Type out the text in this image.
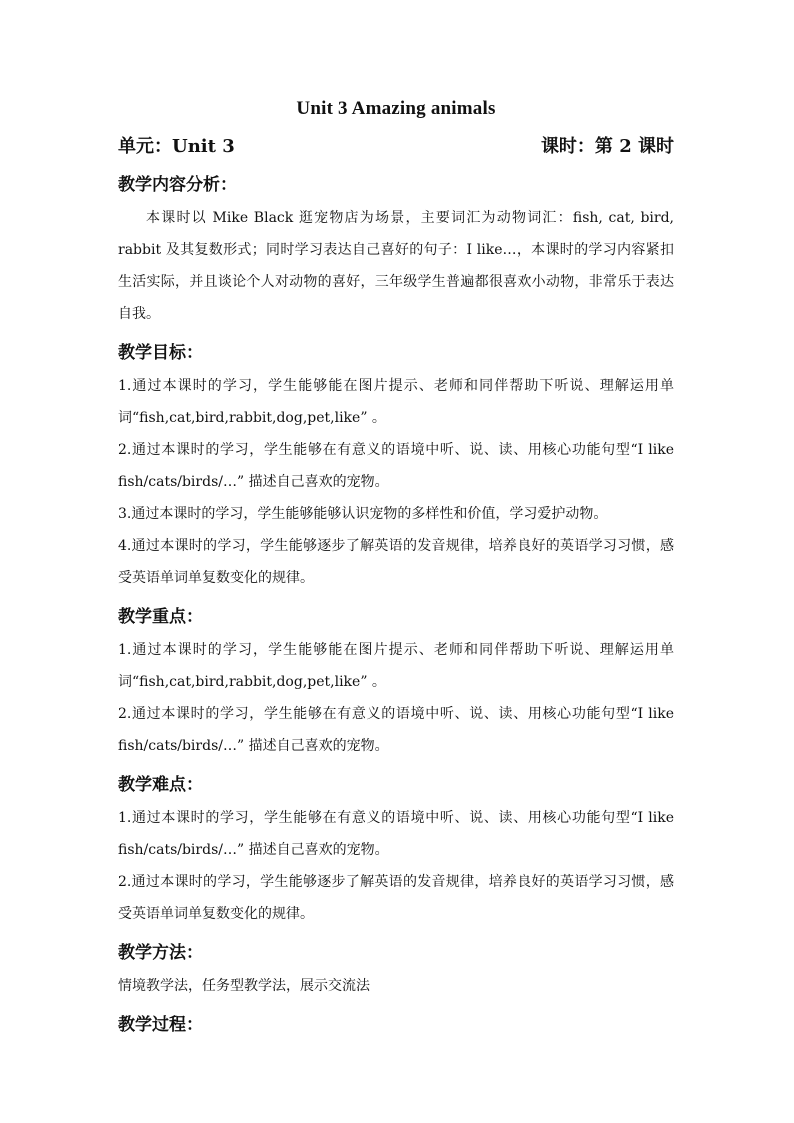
Unit 3 Amazing animals
单元：Unit 3	课时：第 2 课时

教学内容分析：

本课时以 Mike Black 逛宠物店为场景，主要词汇为动物词汇：fish, cat, bird, rabbit 及其复数形式；同时学习表达自己喜好的句子：I like…，本课时的学习内容紧扣生活实际，并且谈论个人对动物的喜好，三年级学生普遍都很喜欢小动物，非常乐于表达自我。

教学目标：

1.通过本课时的学习，学生能够能在图片提示、老师和同伴帮助下听说、理解运用单词“fish,cat,bird,rabbit,dog,pet,like” 。

2.通过本课时的学习，学生能够在有意义的语境中听、说、读、用核心功能句型“I like fish/cats/birds/…” 描述自己喜欢的宠物。

3.通过本课时的学习，学生能够能够认识宠物的多样性和价值，学习爱护动物。

4.通过本课时的学习，学生能够逐步了解英语的发音规律，培养良好的英语学习习惯，感受英语单词单复数变化的规律。

教学重点：

1.通过本课时的学习，学生能够能在图片提示、老师和同伴帮助下听说、理解运用单词“fish,cat,bird,rabbit,dog,pet,like” 。

2.通过本课时的学习，学生能够在有意义的语境中听、说、读、用核心功能句型“I like fish/cats/birds/…” 描述自己喜欢的宠物。

教学难点：

1.通过本课时的学习，学生能够在有意义的语境中听、说、读、用核心功能句型“I like fish/cats/birds/…” 描述自己喜欢的宠物。

2.通过本课时的学习，学生能够逐步了解英语的发音规律，培养良好的英语学习习惯，感受英语单词单复数变化的规律。

教学方法：

情境教学法，任务型教学法，展示交流法

教学过程：
